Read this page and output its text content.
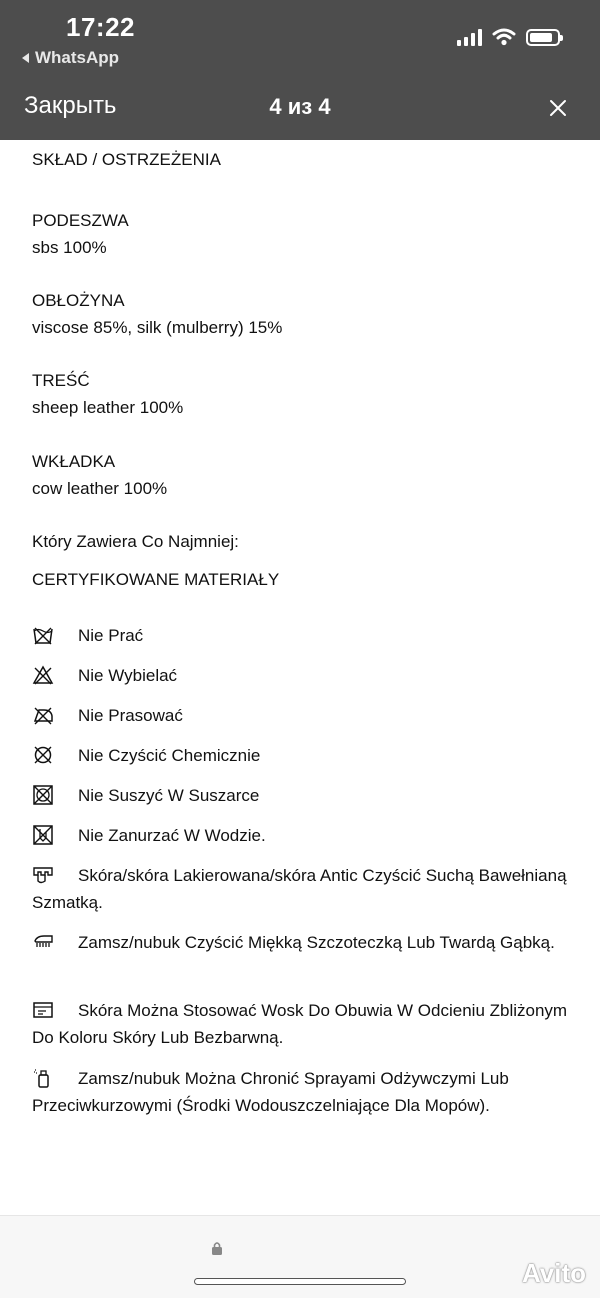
17:22
WhatsApp
Закрыть	4 из 4
SKŁAD / OSTRZEŻENIA
PODESZWA
sbs 100%
OBŁOŻYNA
viscose 85%, silk (mulberry) 15%
TREŚĆ
sheep leather 100%
WKŁADKA
cow leather 100%
Który Zawiera Co Najmniej:
CERTYFIKOWANE MATERIAŁY
Nie Prać
Nie Wybielać
Nie Prasować
Nie Czyścić Chemicznie
Nie Suszyć W Suszarce
Nie Zanurzać W Wodzie.
Skóra/skóra Lakierowana/skóra Antic Czyścić Suchą Bawełnianą Szmatką.
Zamsz/nubuk Czyścić Miękką Szczoteczką Lub Twardą Gąbką.
Skóra Można Stosować Wosk Do Obuwia W Odcieniu Zbliżonym Do Koloru Skóry Lub Bezbarwną.
Zamsz/nubuk Można Chronić Sprayami Odżywczymi Lub Przeciwkurzowymi (Środki Wodouszczelniające Dla Mopów).
Avito
